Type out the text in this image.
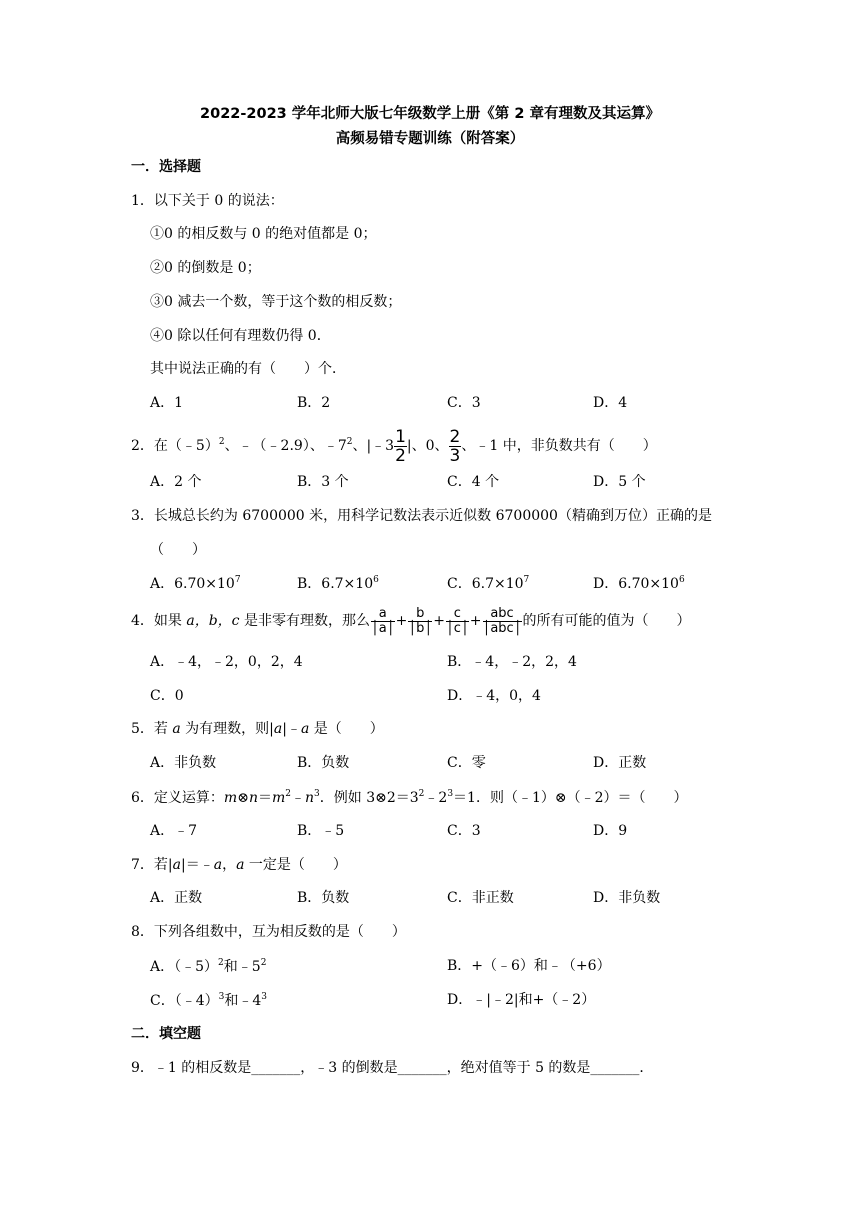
2022-2023 学年北师大版七年级数学上册《第 2 章有理数及其运算》
高频易错专题训练（附答案）
一．选择题
1．以下关于 0 的说法：
①0 的相反数与 0 的绝对值都是 0；
②0 的倒数是 0；
③0 减去一个数，等于这个数的相反数；
④0 除以任何有理数仍得 0．
其中说法正确的有（　　）个．
A．1	B．2	C．3	D．4
2．在（﹣5）$^2$、﹣（﹣2.9）、$﹣7^2$、|﹣3 $\frac{1}{2}$ |、0、 $\frac{2}{3}$ 、﹣1 中，非负数共有（　　）
A．2 个	B．3 个	C．4 个	D．5 个
3．长城总长约为 6700000 米，用科学记数法表示近似数 6700000（精确到万位）正确的是
（　　）
A．$6.70\times 10^7$	B．$6.7\times 10^6$	C．$6.7\times 10^7$	D．$6.70\times 10^6$
4．如果 a，b，c 是非零有理数，那么 $\frac{a}{│a│} + \frac{b}{│b│} + \frac{c}{│c│}$ + abc
│abc│ 的所有可能的值为（　　）
A．﹣4，﹣2，0，2，4	B．﹣4，﹣2，2，4
C．0	D．﹣4，0，4
5．若 a 为有理数，则|a|﹣a 是（　　）
A．非负数	B．负数	C．零	D．正数
6．定义运算：$m\otimes n=m^2﹣n^3$．例如 $3\otimes 2=3^2﹣2^3=1$．则（﹣1）⊗（﹣2）＝（　　）
A．﹣7	B．﹣5	C．3	D．9
7．若|a|＝﹣a，a 一定是（　　）
A．正数	B．负数	C．非正数	D．非负数
8．下列各组数中，互为相反数的是（　　）
A．（﹣5）$^2$和$﹣5^2$	B．+（﹣6）和﹣（+6）
C．（﹣4）$^3$和$﹣4^3$	D．﹣|﹣2|和+（﹣2）
二．填空题
9．﹣1 的相反数是_______，﹣3 的倒数是_______，绝对值等于 5 的数是_______．
